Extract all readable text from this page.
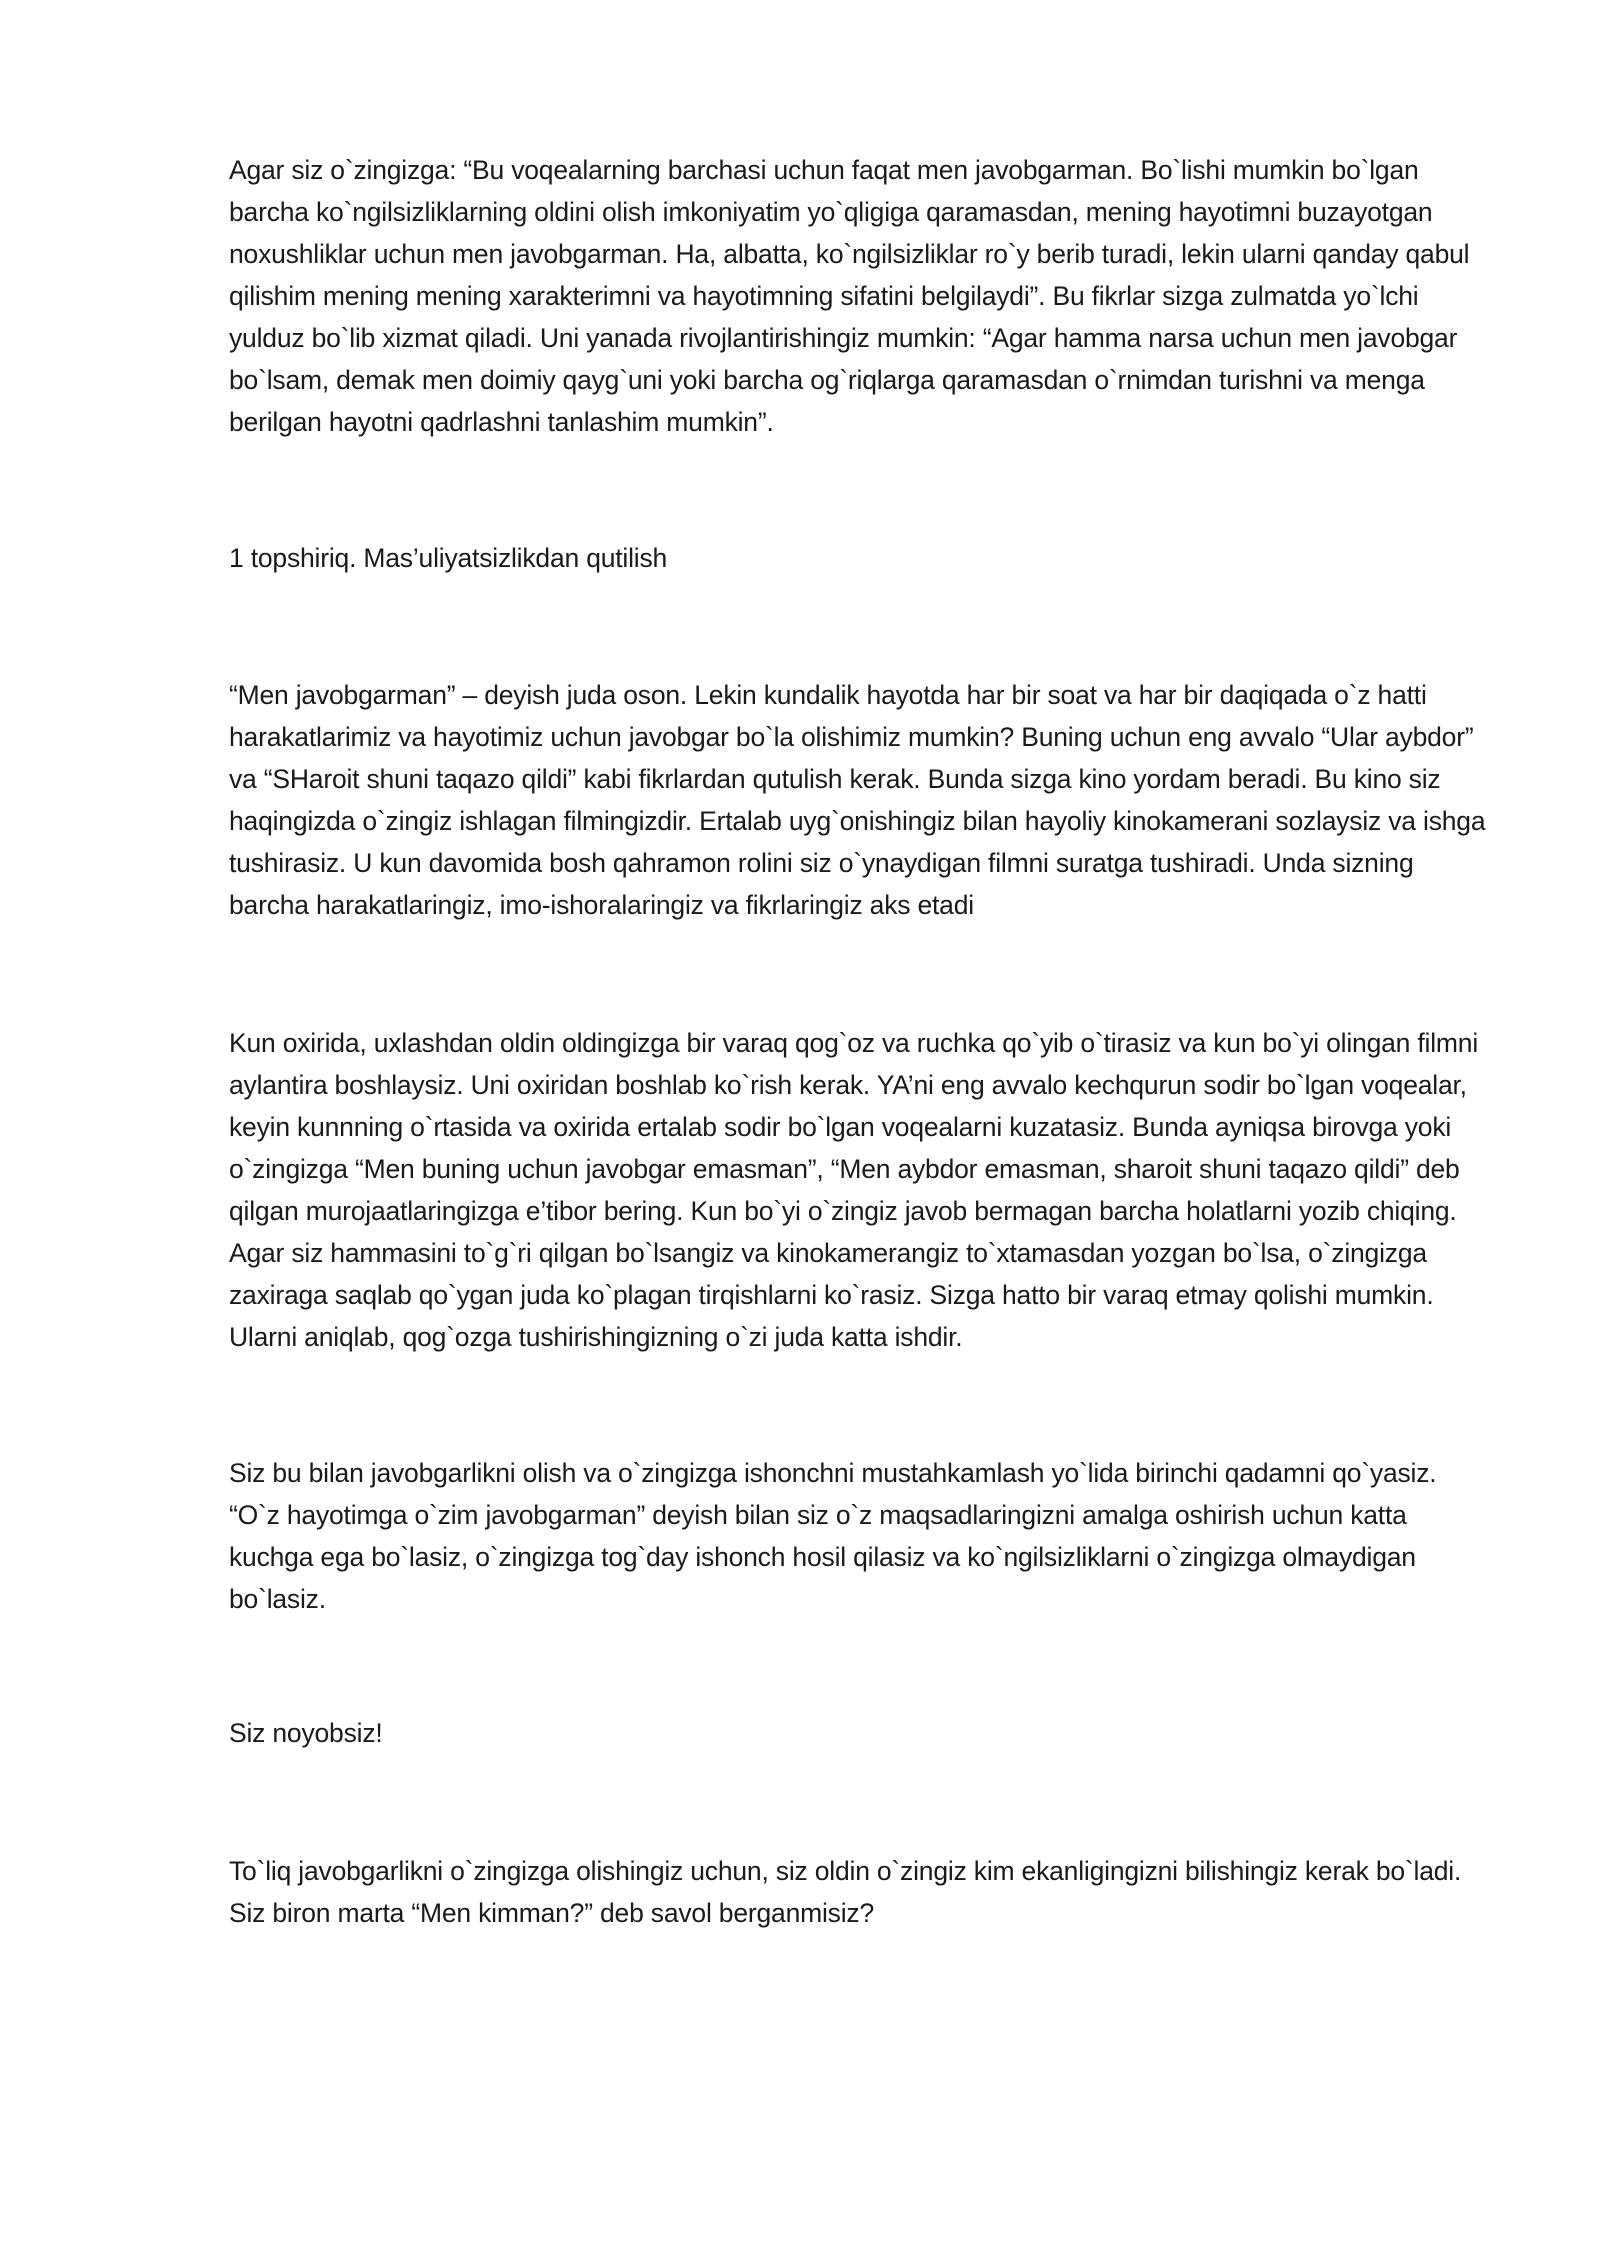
Agar siz o`zingizga: “Bu voqealarning barchasi uchun faqat men javobgarman. Bo`lishi mumkin bo`lgan barcha ko`ngilsizliklarning oldini olish imkoniyatim yo`qligiga qaramasdan, mening hayotimni buzayotgan noxushliklar uchun men javobgarman. Ha, albatta, ko`ngilsizliklar ro`y berib turadi, lekin ularni qanday qabul qilishim mening mening xarakterimni va hayotimning sifatini belgilaydi”. Bu fikrlar sizga zulmatda yo`lchi yulduz bo`lib xizmat qiladi. Uni yanada rivojlantirishingiz mumkin: “Agar hamma narsa uchun men javobgar bo`lsam, demak men doimiy qayg`uni yoki barcha og`riqlarga qaramasdan o`rnimdan turishni va menga berilgan hayotni qadrlashni tanlashim mumkin”.

1 topshiriq. Mas’uliyatsizlikdan qutilish

“Men javobgarman” – deyish juda oson. Lekin kundalik hayotda har bir soat va har bir daqiqada o`z hatti harakatlarimiz va hayotimiz uchun javobgar bo`la olishimiz mumkin? Buning uchun eng avvalo “Ular aybdor” va “SHaroit shuni taqazo qildi” kabi fikrlardan qutulish kerak. Bunda sizga kino yordam beradi. Bu kino siz haqingizda o`zingiz ishlagan filmingizdir. Ertalab uyg`onishingiz bilan hayoliy kinokamerani sozlaysiz va ishga tushirasiz. U kun davomida bosh qahramon rolini siz o`ynaydigan filmni suratga tushiradi. Unda sizning barcha harakatlaringiz, imo-ishoralaringiz va fikrlaringiz aks etadi

Kun oxirida, uxlashdan oldin oldingizga bir varaq qog`oz va ruchka qo`yib o`tirasiz va kun bo`yi olingan filmni aylantira boshlaysiz. Uni oxiridan boshlab ko`rish kerak. YA’ni eng avvalo kechqurun sodir bo`lgan voqealar, keyin kunnning o`rtasida va oxirida ertalab sodir bo`lgan voqealarni kuzatasiz. Bunda ayniqsa birovga yoki o`zingizga “Men buning uchun javobgar emasman”, “Men aybdor emasman, sharoit shuni taqazo qildi” deb qilgan murojaatlaringizga e’tibor bering. Kun bo`yi o`zingiz javob bermagan barcha holatlarni yozib chiqing. Agar siz hammasini to`g`ri qilgan bo`lsangiz va kinokamerangiz to`xtamasdan yozgan bo`lsa, o`zingizga zaxiraga saqlab qo`ygan juda ko`plagan tirqishlarni ko`rasiz. Sizga hatto bir varaq etmay qolishi mumkin. Ularni aniqlab, qog`ozga tushirishingizning o`zi juda katta ishdir.

Siz bu bilan javobgarlikni olish va o`zingizga ishonchni mustahkamlash yo`lida birinchi qadamni qo`yasiz. “O`z hayotimga o`zim javobgarman” deyish bilan siz o`z maqsadlaringizni amalga oshirish uchun katta kuchga ega bo`lasiz, o`zingizga tog`day ishonch hosil qilasiz va ko`ngilsizliklarni o`zingizga olmaydigan bo`lasiz.

Siz noyobsiz!

To`liq javobgarlikni o`zingizga olishingiz uchun, siz oldin o`zingiz kim ekanligingizni bilishingiz kerak bo`ladi. Siz biron marta “Men kimman?” deb savol berganmisiz?
